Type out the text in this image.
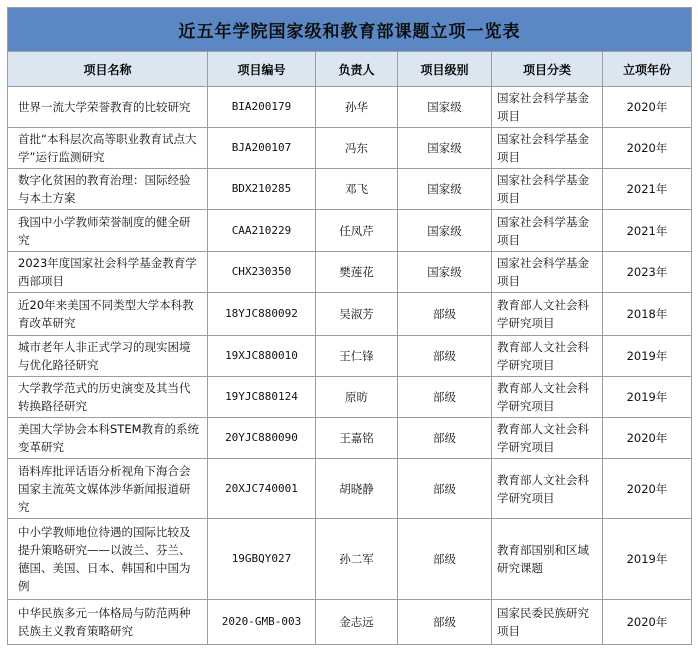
近五年学院国家级和教育部课题立项一览表					
项目名称	项目编号	负责人	项目级别	项目分类	立项年份
世界一流大学荣誉教育的比较研究	BIA200179	孙华	国家级	国家社会科学基金项目	2020年
首批“本科层次高等职业教育试点大学”运行监测研究	BJA200107	冯东	国家级	国家社会科学基金项目	2020年
数字化贫困的教育治理：国际经验与本土方案	BDX210285	邓飞	国家级	国家社会科学基金项目	2021年
我国中小学教师荣誉制度的健全研究	CAA210229	任凤芹	国家级	国家社会科学基金项目	2021年
2023年度国家社会科学基金教育学西部项目	CHX230350	樊莲花	国家级	国家社会科学基金项目	2023年
近20年来美国不同类型大学本科教育改革研究	18YJC880092	吴淑芳	部级	教育部人文社会科学研究项目	2018年
城市老年人非正式学习的现实困境与优化路径研究	19XJC880010	王仁锋	部级	教育部人文社会科学研究项目	2019年
大学教学范式的历史演变及其当代转换路径研究	19YJC880124	原昉	部级	教育部人文社会科学研究项目	2019年
美国大学协会本科STEM教育的系统变革研究	20YJC880090	王嘉铭	部级	教育部人文社会科学研究项目	2020年
语料库批评话语分析视角下海合会国家主流英文媒体涉华新闻报道研究	20XJC740001	胡晓静	部级	教育部人文社会科学研究项目	2020年
中小学教师地位待遇的国际比较及提升策略研究——以波兰、芬兰、德国、美国、日本、韩国和中国为例	19GBQY027	孙二军	部级	教育部国别和区域研究课题	2019年
中华民族多元一体格局与防范两种民族主义教育策略研究	2020-GMB-003	金志远	部级	国家民委民族研究项目	2020年
